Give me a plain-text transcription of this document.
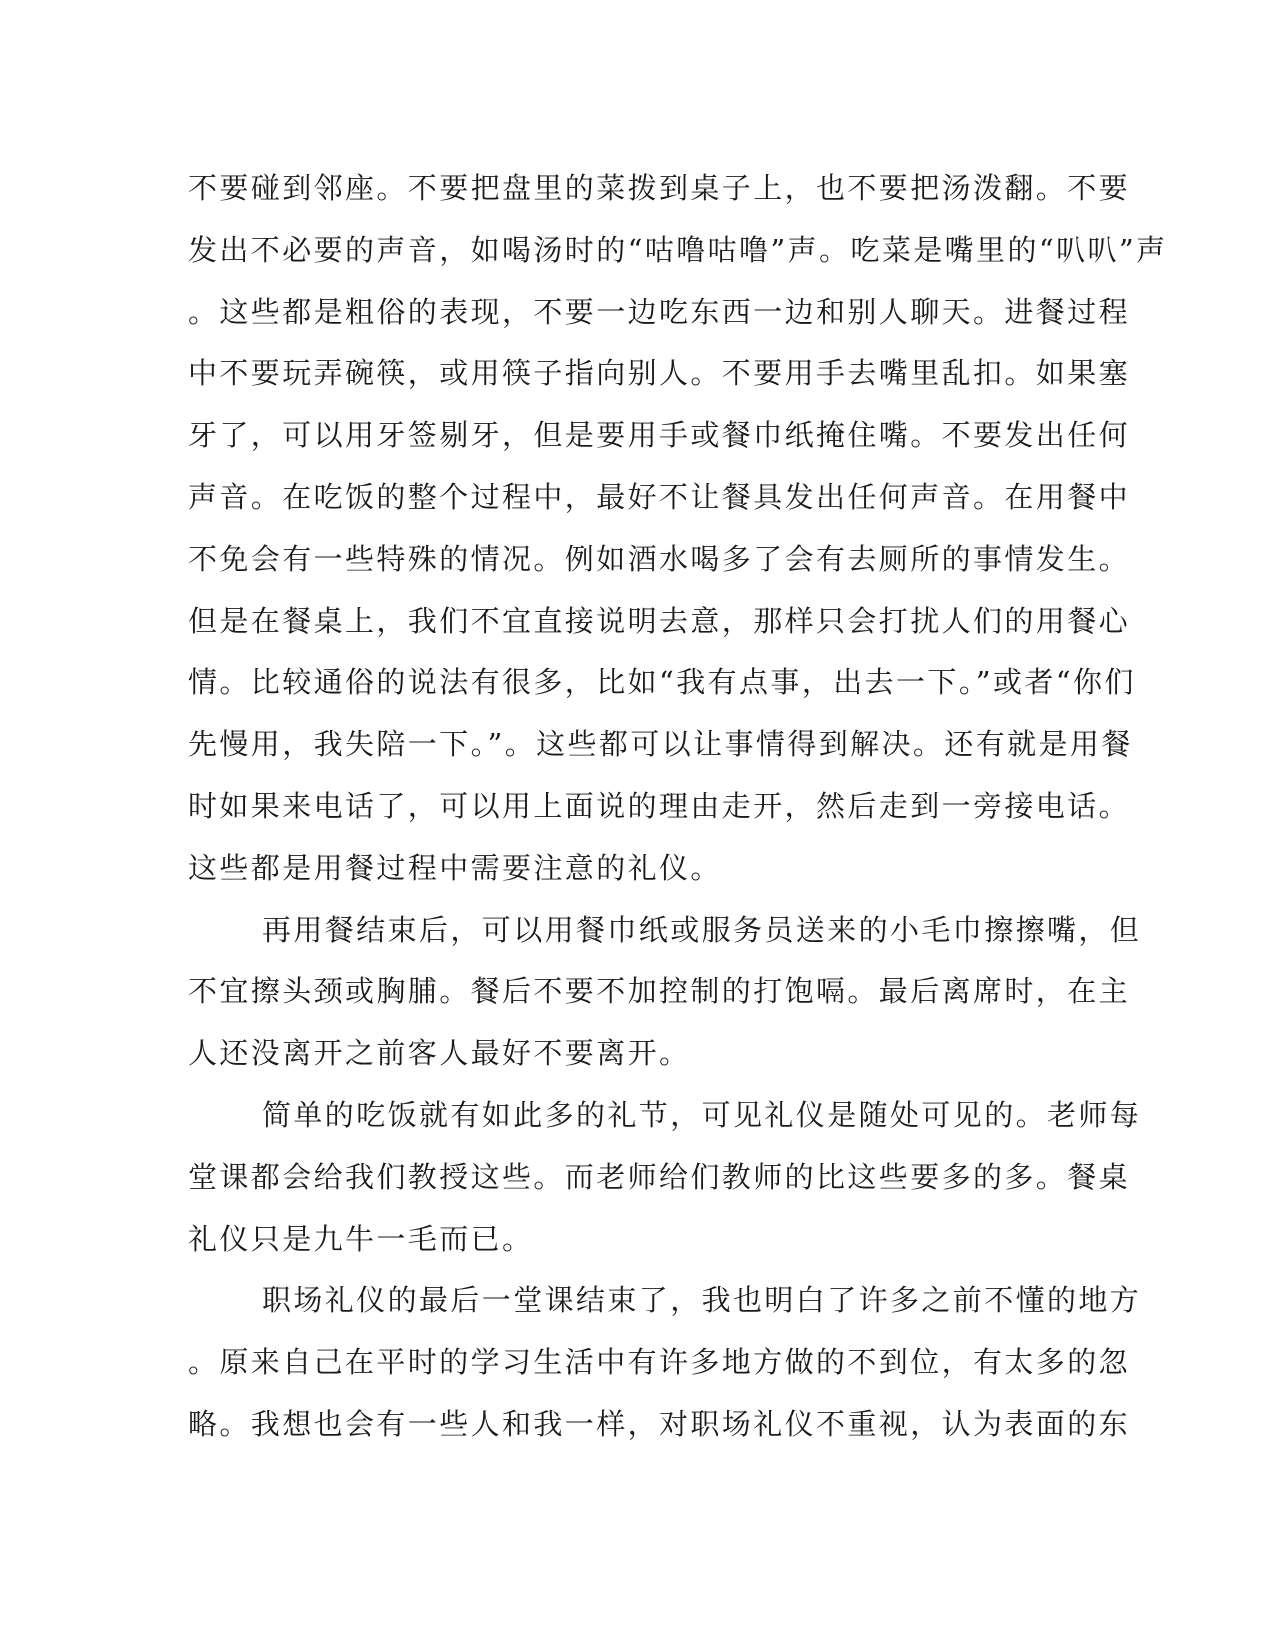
不要碰到邻座。不要把盘里的菜拨到桌子上，也不要把汤泼翻。不要
发出不必要的声音，如喝汤时的“咕噜咕噜”声。吃菜是嘴里的“叭叭”声
。这些都是粗俗的表现，不要一边吃东西一边和别人聊天。进餐过程
中不要玩弄碗筷，或用筷子指向别人。不要用手去嘴里乱扣。如果塞
牙了，可以用牙签剔牙，但是要用手或餐巾纸掩住嘴。不要发出任何
声音。在吃饭的整个过程中，最好不让餐具发出任何声音。在用餐中
不免会有一些特殊的情况。例如酒水喝多了会有去厕所的事情发生。
但是在餐桌上，我们不宜直接说明去意，那样只会打扰人们的用餐心
情。比较通俗的说法有很多，比如“我有点事，出去一下。”或者“你们
先慢用，我失陪一下。”。这些都可以让事情得到解决。还有就是用餐
时如果来电话了，可以用上面说的理由走开，然后走到一旁接电话。
这些都是用餐过程中需要注意的礼仪。
再用餐结束后，可以用餐巾纸或服务员送来的小毛巾擦擦嘴，但
不宜擦头颈或胸脯。餐后不要不加控制的打饱嗝。最后离席时，在主
人还没离开之前客人最好不要离开。
简单的吃饭就有如此多的礼节，可见礼仪是随处可见的。老师每
堂课都会给我们教授这些。而老师给们教师的比这些要多的多。餐桌
礼仪只是九牛一毛而已。
职场礼仪的最后一堂课结束了，我也明白了许多之前不懂的地方
。原来自己在平时的学习生活中有许多地方做的不到位，有太多的忽
略。我想也会有一些人和我一样，对职场礼仪不重视，认为表面的东
